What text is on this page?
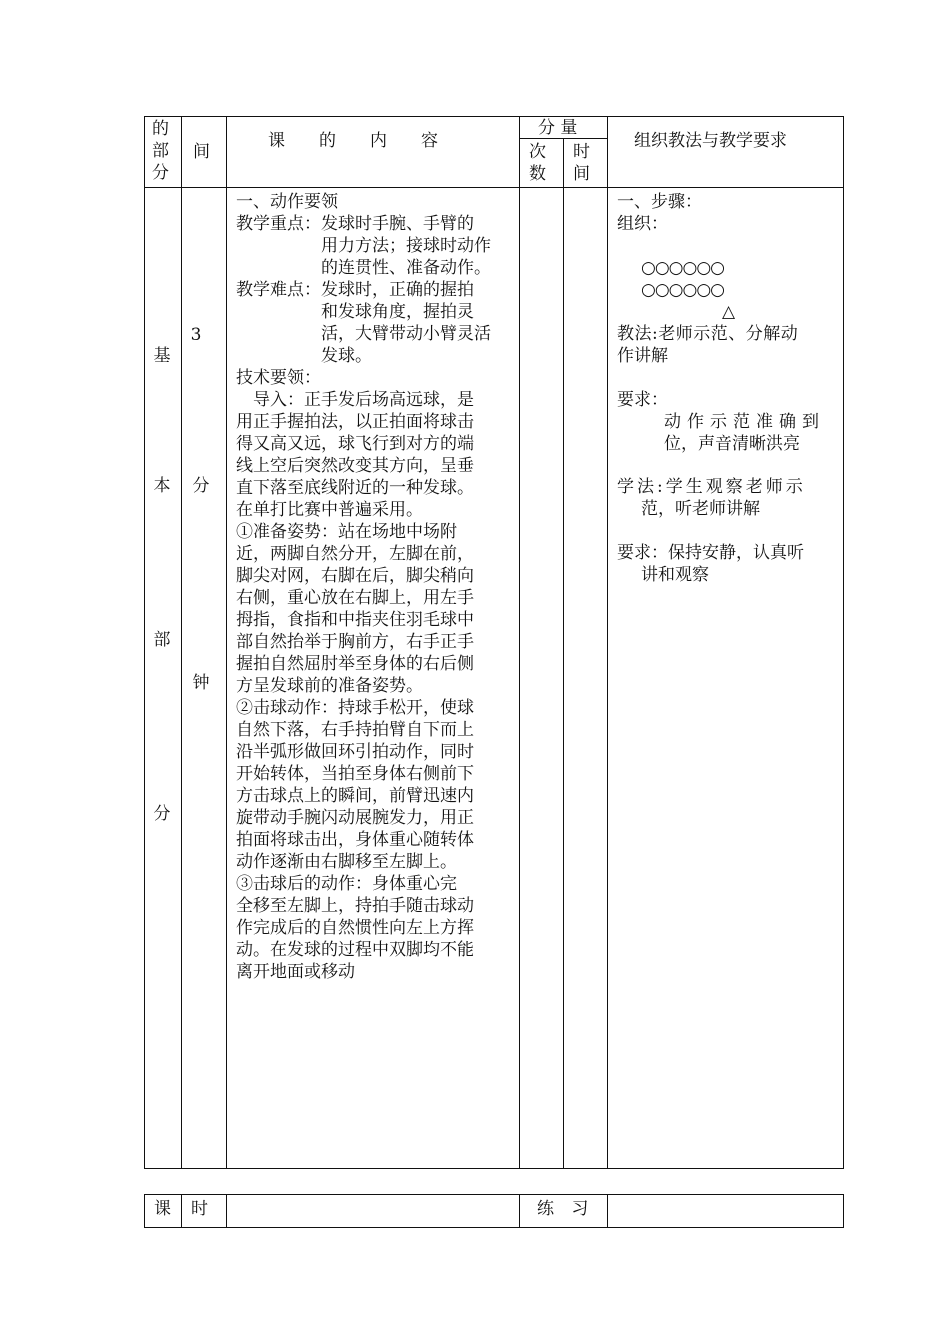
的部分
间
课　　的　　内　　容
分 量
次数
时间
组织教法与教学要求
基
本
部
分
3
分
钟

一、动作要领

教学重点：发球时手腕、手臂的

　　　　　用力方法；接球时动作

　　　　　的连贯性、准备动作。

教学难点：发球时，正确的握拍

　　　　　和发球角度，握拍灵

　　　　　活，大臂带动小臂灵活

　　　　　发球。

技术要领：

　导入：正手发后场高远球，是

用正手握拍法，以正拍面将球击

得又高又远，球飞行到对方的端

线上空后突然改变其方向，呈垂

直下落至底线附近的一种发球。

在单打比赛中普遍采用。

①准备姿势：站在场地中场附

近，两脚自然分开，左脚在前，

脚尖对网，右脚在后，脚尖稍向

右侧，重心放在右脚上，用左手

拇指，食指和中指夹住羽毛球中

部自然抬举于胸前方，右手正手

握拍自然屈肘举至身体的右后侧

方呈发球前的准备姿势。

②击球动作：持球手松开，使球

自然下落，右手持拍臂自下而上

沿半弧形做回环引拍动作，同时

开始转体，当拍至身体右侧前下

方击球点上的瞬间，前臂迅速内

旋带动手腕闪动展腕发力，用正

拍面将球击出，身体重心随转体

动作逐渐由右脚移至左脚上。

③击球后的动作：身体重心完

全移至左脚上，持拍手随击球动

作完成后的自然惯性向左上方挥

动。在发球的过程中双脚均不能

离开地面或移动

一、步骤：
组织：
○○○○○○
○○○○○○
△
教法:老师示范、分解动
作讲解
要求：
动作示范准确到
位，声音清晰洪亮
学法:学生观察老师示
范，听老师讲解
要求：保持安静，认真听
讲和观察
课 时	练 习
